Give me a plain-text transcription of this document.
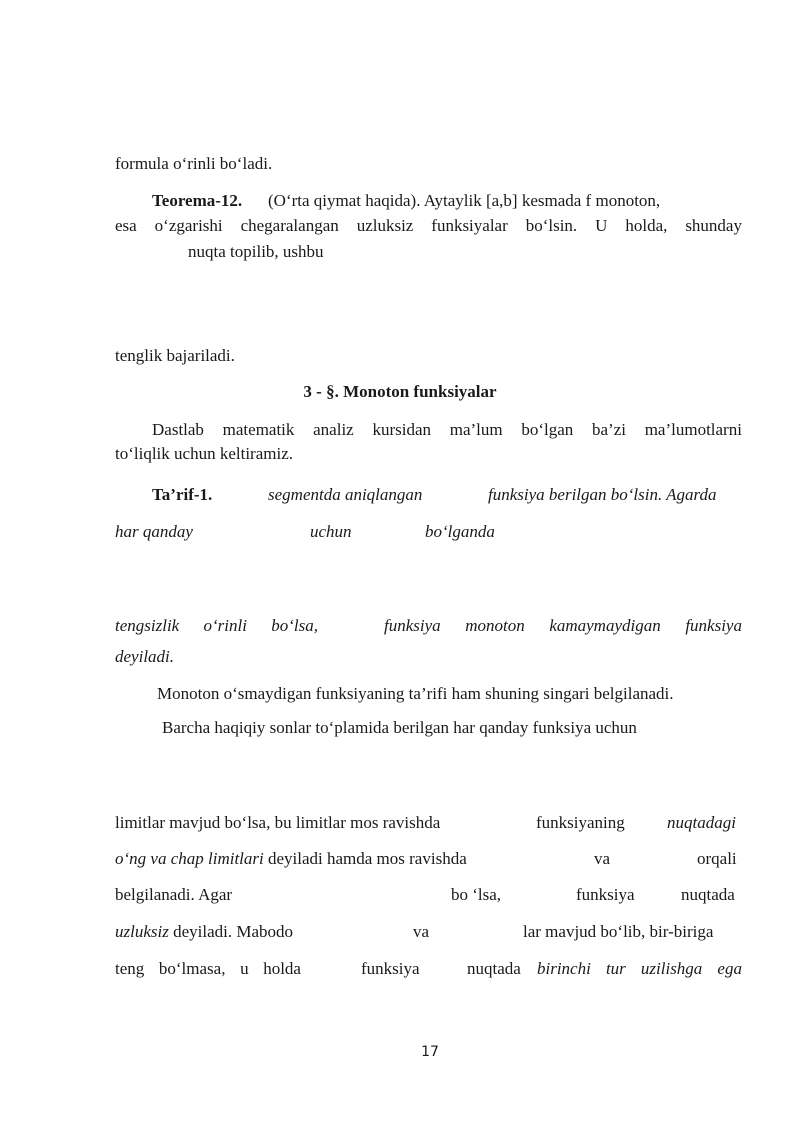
formula o‘rinli bo‘ladi.
Teorema-12. (O‘rta qiymat haqida). Aytaylik [a,b] kesmada f monoton,
esa o‘zgarishi chegaralangan uzluksiz funksiyalar bo‘lsin. U holda, shunday
nuqta topilib, ushbu
tenglik bajariladi.
3 - §. Monoton funksiyalar
Dastlab matematik analiz kursidan ma’lum bo‘lgan ba’zi ma’lumotlarni
to‘liqlik uchun keltiramiz.
Ta’rif-1.	segmentda aniqlangan	funksiya berilgan bo‘lsin. Agarda
har qanday	uchun	bo‘lganda
tengsizlik o‘rinli bo‘lsa,	funksiya monoton kamaymaydigan funksiya
deyiladi.
Monoton o‘smaydigan funksiyaning ta’rifi ham shuning singari belgilanadi.
Barcha haqiqiy sonlar to‘plamida berilgan har qanday funksiya uchun
limitlar mavjud bo‘lsa, bu limitlar mos ravishda	funksiyaning nuqtadagi
o‘ng va chap limitlari deyiladi hamda mos ravishda	va	orqali
belgilanadi. Agar	bo ‘lsa,	funksiya	nuqtada
uzluksiz deyiladi. Mabodo	va	lar mavjud bo‘lib, bir-biriga
teng bo‘lmasa, u holda	funksiya	nuqtada birinchi tur uzilishga ega
17
